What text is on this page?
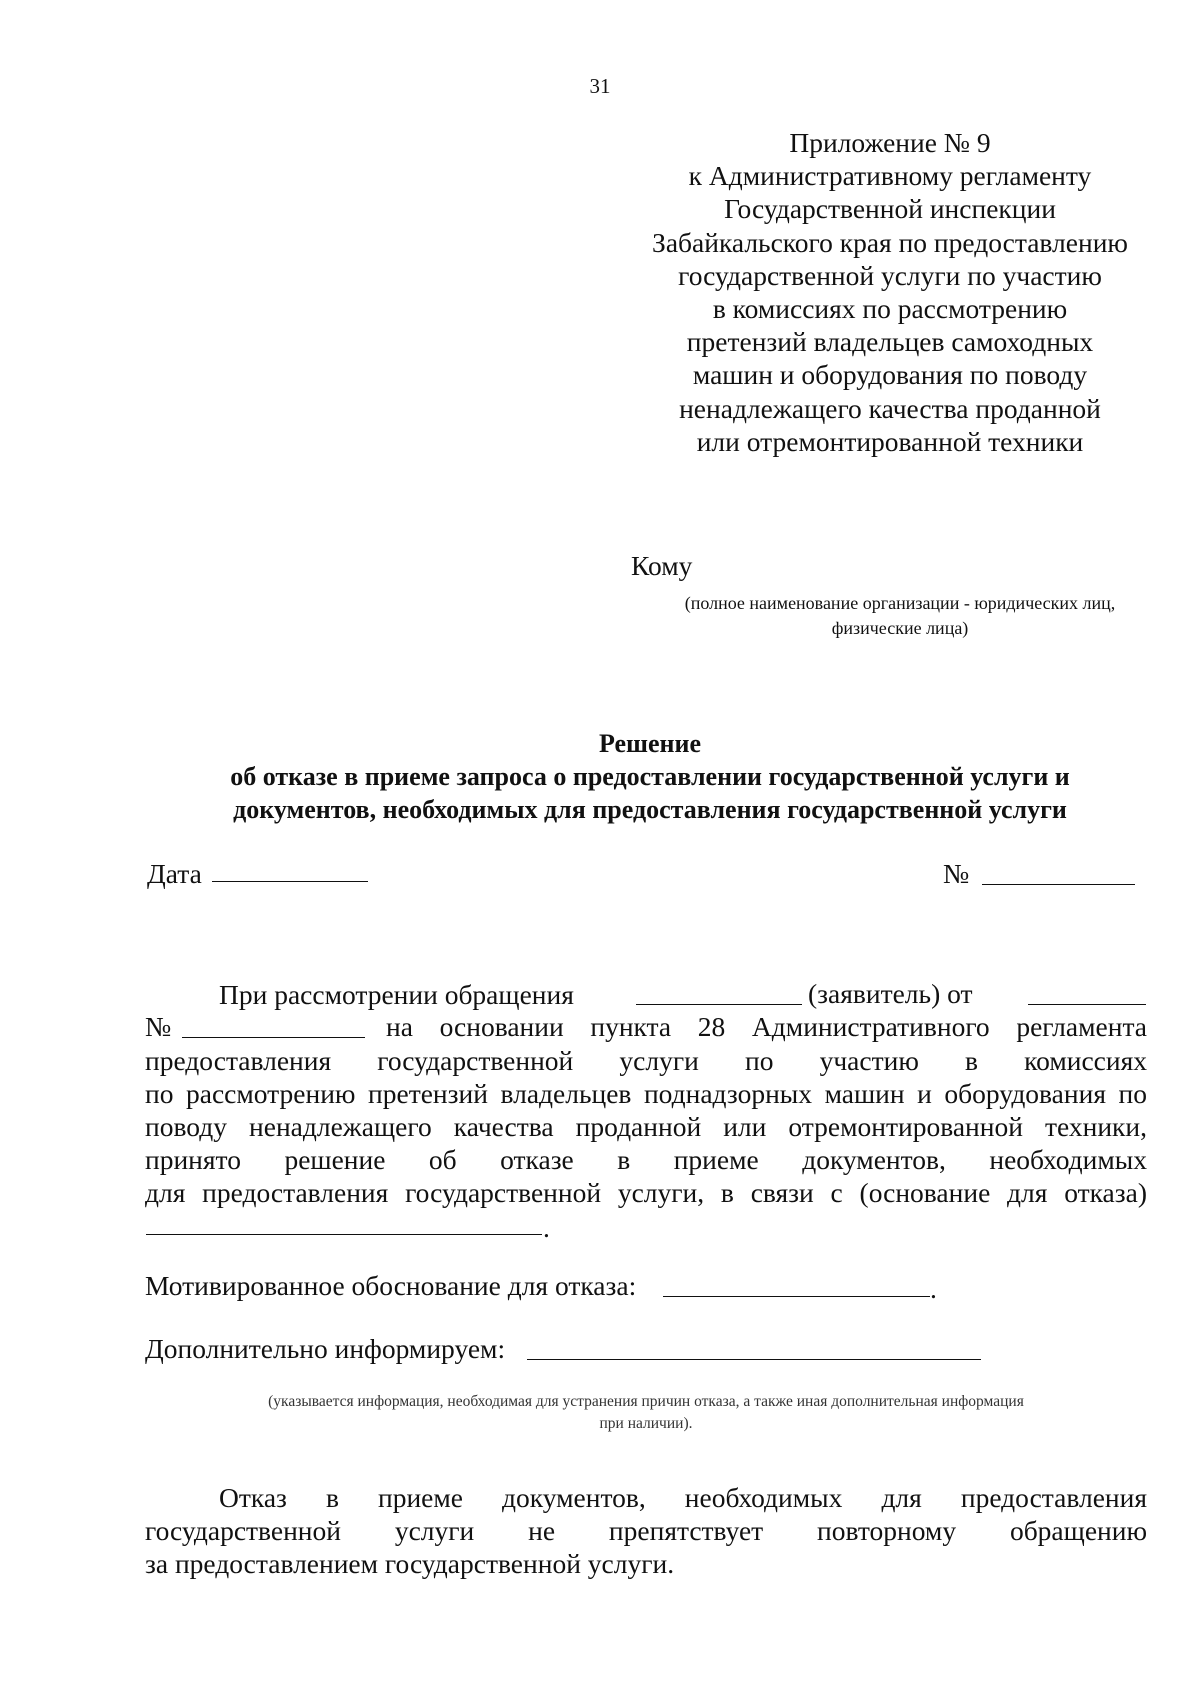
31
Приложение № 9
к Административному регламенту
Государственной инспекции
Забайкальского края по предоставлению
государственной услуги по участию
в комиссиях по рассмотрению
претензий владельцев самоходных
машин и оборудования по поводу
ненадлежащего качества проданной
или отремонтированной техники
Кому
(полное наименование организации - юридических лиц,
физические лица)
Решение
об отказе в приеме запроса о предоставлении государственной услуги и
документов, необходимых для предоставления государственной услуги
Дата	№
При рассмотрении обращения
предоставления государственной услуги по участию в комиссиях
по рассмотрению претензий владельцев поднадзорных машин и оборудования по
поводу ненадлежащего качества проданной или отремонтированной техники,
принято решение об отказе в приеме документов, необходимых
для предоставления государственной услуги, в связи с (основание для отказа)
(заявитель) от
№	на основании пункта 28 Административного регламента
.
Мотивированное обоснование для отказа:	.
Дополнительно информируем:
(указывается информация, необходимая для устранения причин отказа, а также иная дополнительная информация
при наличии).
Отказ в приеме документов, необходимых для предоставления
государственной услуги не препятствует повторному обращению
за предоставлением государственной услуги.
